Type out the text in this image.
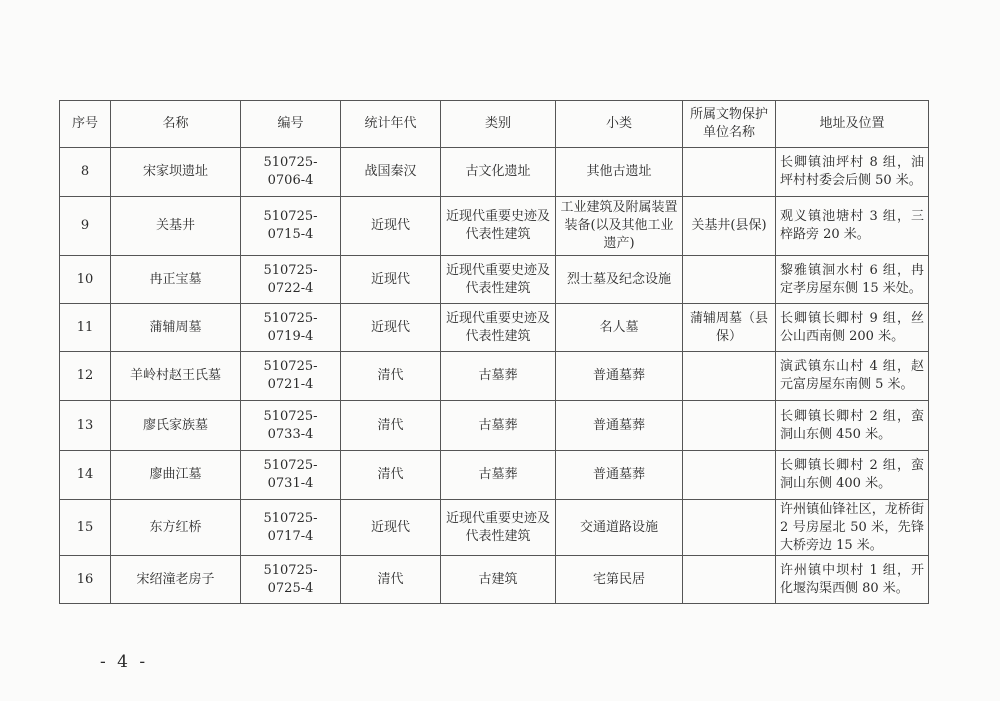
序号	名称	编号	统计年代	类别	小类	所属文物保护单位名称	地址及位置
8	宋家坝遗址	510725-0706-4	战国秦汉	古文化遗址	其他古遗址		长卿镇油坪村 8 组，油坪村村委会后侧 50 米。
9	关基井	510725-0715-4	近现代	近现代重要史迹及代表性建筑	工业建筑及附属装置装备(以及其他工业遗产)	关基井(县保)	观义镇池塘村 3 组，三梓路旁 20 米。
10	冉正宝墓	510725-0722-4	近现代	近现代重要史迹及代表性建筑	烈士墓及纪念设施		黎雅镇洄水村 6 组，冉定孝房屋东侧 15 米处。
11	蒲辅周墓	510725-0719-4	近现代	近现代重要史迹及代表性建筑	名人墓	蒲辅周墓（县保）	长卿镇长卿村 9 组，丝公山西南侧 200 米。
12	羊岭村赵王氏墓	510725-0721-4	清代	古墓葬	普通墓葬		演武镇东山村 4 组，赵元富房屋东南侧 5 米。
13	廖氏家族墓	510725-0733-4	清代	古墓葬	普通墓葬		长卿镇长卿村 2 组，蛮洞山东侧 450 米。
14	廖曲江墓	510725-0731-4	清代	古墓葬	普通墓葬		长卿镇长卿村 2 组，蛮洞山东侧 400 米。
15	东方红桥	510725-0717-4	近现代	近现代重要史迹及代表性建筑	交通道路设施		许州镇仙锋社区，龙桥街 2 号房屋北 50 米，先锋大桥旁边 15 米。
16	宋绍潼老房子	510725-0725-4	清代	古建筑	宅第民居		许州镇中坝村 1 组，开化堰沟渠西侧 80 米。
- 4 -
